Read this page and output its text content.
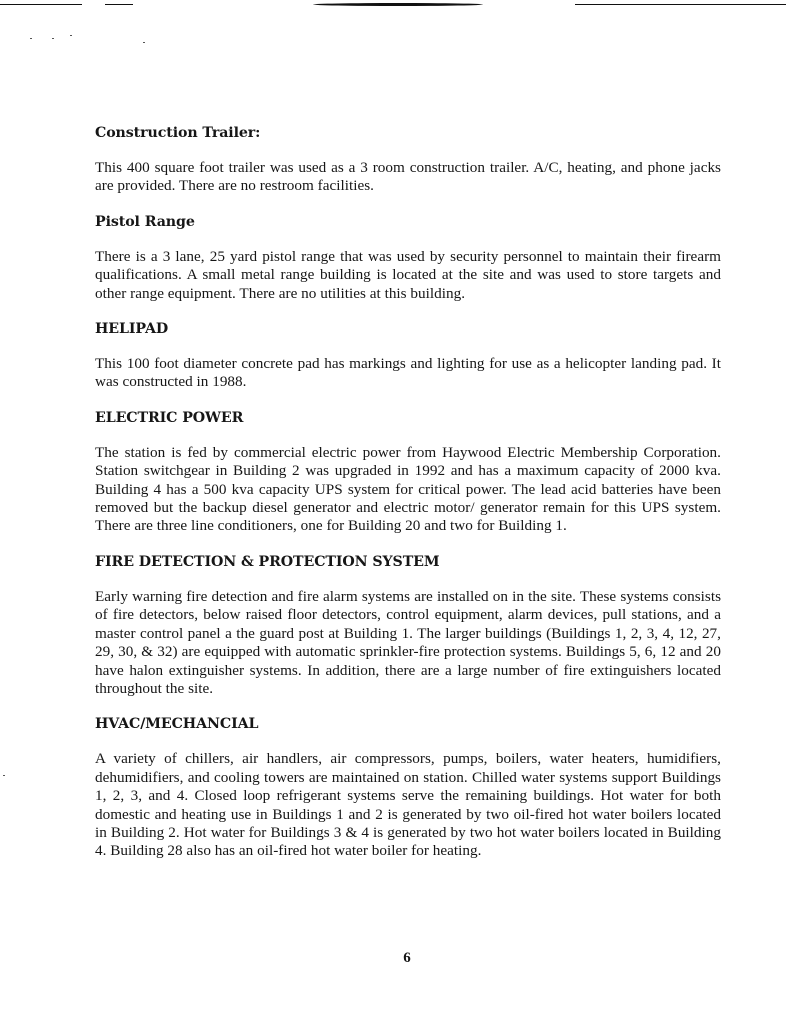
Construction Trailer:

This 400 square foot trailer was used as a 3 room construction trailer. A/C, heating, and phone jacks are provided. There are no restroom facilities.

Pistol Range

There is a 3 lane, 25 yard pistol range that was used by security personnel to maintain their firearm qualifications. A small metal range building is located at the site and was used to store targets and other range equipment. There are no utilities at this building.

HELIPAD

This 100 foot diameter concrete pad has markings and lighting for use as a helicopter landing pad. It was constructed in 1988.

ELECTRIC POWER

The station is fed by commercial electric power from Haywood Electric Membership Corporation. Station switchgear in Building 2 was upgraded in 1992 and has a maximum capacity of 2000 kva. Building 4 has a 500 kva capacity UPS system for critical power. The lead acid batteries have been removed but the backup diesel generator and electric motor/ generator remain for this UPS system. There are three line conditioners, one for Building 20 and two for Building 1.

FIRE DETECTION & PROTECTION SYSTEM

Early warning fire detection and fire alarm systems are installed on in the site. These systems consists of fire detectors, below raised floor detectors, control equipment, alarm devices, pull stations, and a master control panel a the guard post at Building 1. The larger buildings (Buildings 1, 2, 3, 4, 12, 27, 29, 30, & 32) are equipped with automatic sprinkler-fire protection systems. Buildings 5, 6, 12 and 20 have halon extinguisher systems. In addition, there are a large number of fire extinguishers located throughout the site.

HVAC/MECHANCIAL

A variety of chillers, air handlers, air compressors, pumps, boilers, water heaters, humidifiers, dehumidifiers, and cooling towers are maintained on station. Chilled water systems support Buildings 1, 2, 3, and 4. Closed loop refrigerant systems serve the remaining buildings. Hot water for both domestic and heating use in Buildings 1 and 2 is generated by two oil-fired hot water boilers located in Building 2. Hot water for Buildings 3 & 4 is generated by two hot water boilers located in Building 4. Building 28 also has an oil-fired hot water boiler for heating.

6
